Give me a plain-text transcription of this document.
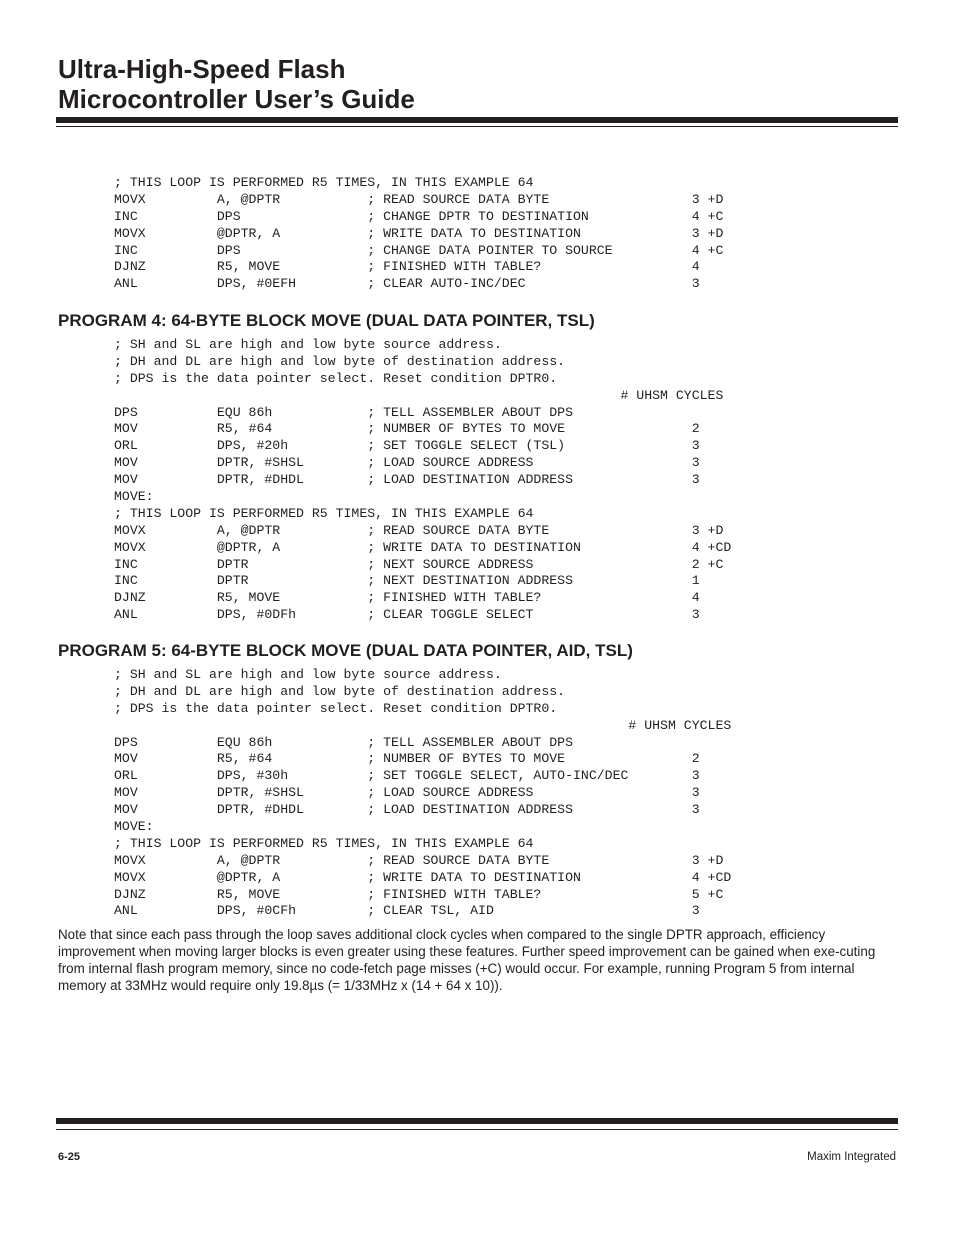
Ultra-High-Speed Flash
Microcontroller User’s Guide
; THIS LOOP IS PERFORMED R5 TIMES, IN THIS EXAMPLE 64
MOVX         A, @DPTR           ; READ SOURCE DATA BYTE                  3 +D
INC          DPS                ; CHANGE DPTR TO DESTINATION             4 +C
MOVX         @DPTR, A           ; WRITE DATA TO DESTINATION              3 +D
INC          DPS                ; CHANGE DATA POINTER TO SOURCE          4 +C
DJNZ         R5, MOVE           ; FINISHED WITH TABLE?                   4
ANL          DPS, #0EFH         ; CLEAR AUTO-INC/DEC                     3
PROGRAM 4: 64-BYTE BLOCK MOVE (DUAL DATA POINTER, TSL)
; SH and SL are high and low byte source address.
; DH and DL are high and low byte of destination address.
; DPS is the data pointer select. Reset condition DPTR0.
# UHSM CYCLES
DPS          EQU 86h            ; TELL ASSEMBLER ABOUT DPS
MOV          R5, #64            ; NUMBER OF BYTES TO MOVE                2
ORL          DPS, #20h          ; SET TOGGLE SELECT (TSL)                3
MOV          DPTR, #SHSL        ; LOAD SOURCE ADDRESS                    3
MOV          DPTR, #DHDL        ; LOAD DESTINATION ADDRESS               3
MOVE:
; THIS LOOP IS PERFORMED R5 TIMES, IN THIS EXAMPLE 64
MOVX         A, @DPTR           ; READ SOURCE DATA BYTE                  3 +D
MOVX         @DPTR, A           ; WRITE DATA TO DESTINATION              4 +CD
INC          DPTR               ; NEXT SOURCE ADDRESS                    2 +C
INC          DPTR               ; NEXT DESTINATION ADDRESS               1
DJNZ         R5, MOVE           ; FINISHED WITH TABLE?                   4
ANL          DPS, #0DFh         ; CLEAR TOGGLE SELECT                    3
PROGRAM 5: 64-BYTE BLOCK MOVE (DUAL DATA POINTER, AID, TSL)
; SH and SL are high and low byte source address.
; DH and DL are high and low byte of destination address.
; DPS is the data pointer select. Reset condition DPTR0.
# UHSM CYCLES
DPS          EQU 86h            ; TELL ASSEMBLER ABOUT DPS
MOV          R5, #64            ; NUMBER OF BYTES TO MOVE                2
ORL          DPS, #30h          ; SET TOGGLE SELECT, AUTO-INC/DEC        3
MOV          DPTR, #SHSL        ; LOAD SOURCE ADDRESS                    3
MOV          DPTR, #DHDL        ; LOAD DESTINATION ADDRESS               3
MOVE:
; THIS LOOP IS PERFORMED R5 TIMES, IN THIS EXAMPLE 64
MOVX         A, @DPTR           ; READ SOURCE DATA BYTE                  3 +D
MOVX         @DPTR, A           ; WRITE DATA TO DESTINATION              4 +CD
DJNZ         R5, MOVE           ; FINISHED WITH TABLE?                   5 +C
ANL          DPS, #0CFh         ; CLEAR TSL, AID                         3

Note that since each pass through the loop saves additional clock cycles when compared to the single DPTR approach, efficiency improvement when moving larger blocks is even greater using these features. Further speed improvement can be gained when exe-cuting from internal flash program memory, since no code-fetch page misses (+C) would occur. For example, running Program 5 from internal memory at 33MHz would require only 19.8µs (= 1/33MHz x (14 + 64 x 10)).

6-25	Maxim Integrated
